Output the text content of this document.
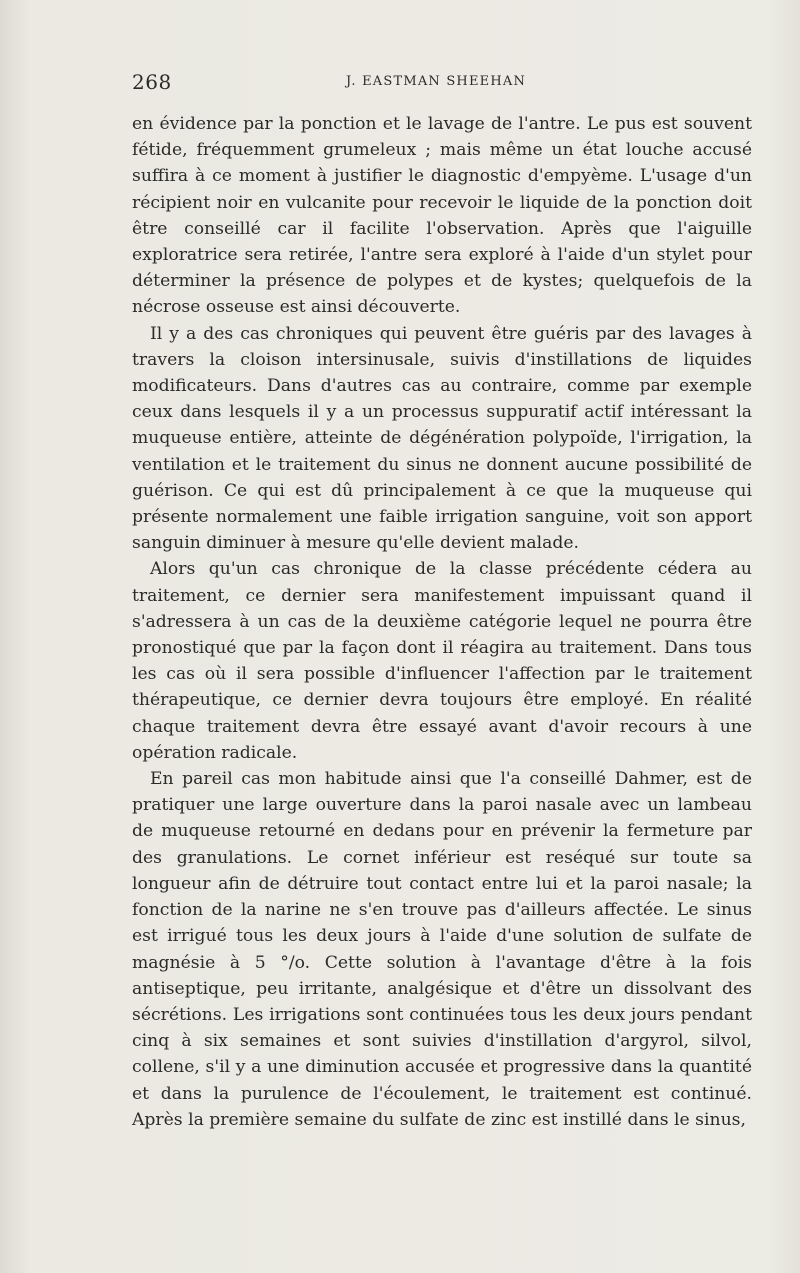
268	J. EASTMAN SHEEHAN

en évidence par la ponction et le lavage de l'antre. Le pus est souvent fétide, fréquemment grumeleux ; mais même un état louche accusé suffira à ce moment à justifier le diagnostic d'empyème. L'usage d'un récipient noir en vulcanite pour recevoir le liquide de la ponction doit être conseillé car il facilite l'observation. Après que l'aiguille exploratrice sera retirée, l'antre sera exploré à l'aide d'un stylet pour déterminer la présence de polypes et de kystes; quelquefois de la nécrose osseuse est ainsi découverte.

Il y a des cas chroniques qui peuvent être guéris par des lavages à travers la cloison intersinusale, suivis d'instillations de liquides modificateurs. Dans d'autres cas au contraire, comme par exemple ceux dans lesquels il y a un processus suppuratif actif intéressant la muqueuse entière, atteinte de dégénération polypoïde, l'irrigation, la ventilation et le traitement du sinus ne donnent aucune possibilité de guérison. Ce qui est dû principalement à ce que la muqueuse qui présente normalement une faible irrigation sanguine, voit son apport sanguin diminuer à mesure qu'elle devient malade.

Alors qu'un cas chronique de la classe précédente cédera au traitement, ce dernier sera manifestement impuissant quand il s'adressera à un cas de la deuxième catégorie lequel ne pourra être pronostiqué que par la façon dont il réagira au traitement. Dans tous les cas où il sera possible d'influencer l'affection par le traitement thérapeutique, ce dernier devra toujours être employé. En réalité chaque traitement devra être essayé avant d'avoir recours à une opération radicale.

En pareil cas mon habitude ainsi que l'a conseillé Dahmer, est de pratiquer une large ouverture dans la paroi nasale avec un lambeau de muqueuse retourné en dedans pour en prévenir la fermeture par des granulations. Le cornet inférieur est reséqué sur toute sa longueur afin de détruire tout contact entre lui et la paroi nasale; la fonction de la narine ne s'en trouve pas d'ailleurs affectée. Le sinus est irrigué tous les deux jours à l'aide d'une solution de sulfate de magnésie à 5 °/o. Cette solution à l'avantage d'être à la fois antiseptique, peu irritante, analgésique et d'être un dissolvant des sécrétions. Les irrigations sont continuées tous les deux jours pendant cinq à six semaines et sont suivies d'instillation d'argyrol, silvol, collene, s'il y a une diminution accusée et progressive dans la quantité et dans la purulence de l'écoulement, le traitement est continué. Après la première semaine du sulfate de zinc est instillé dans le sinus,
